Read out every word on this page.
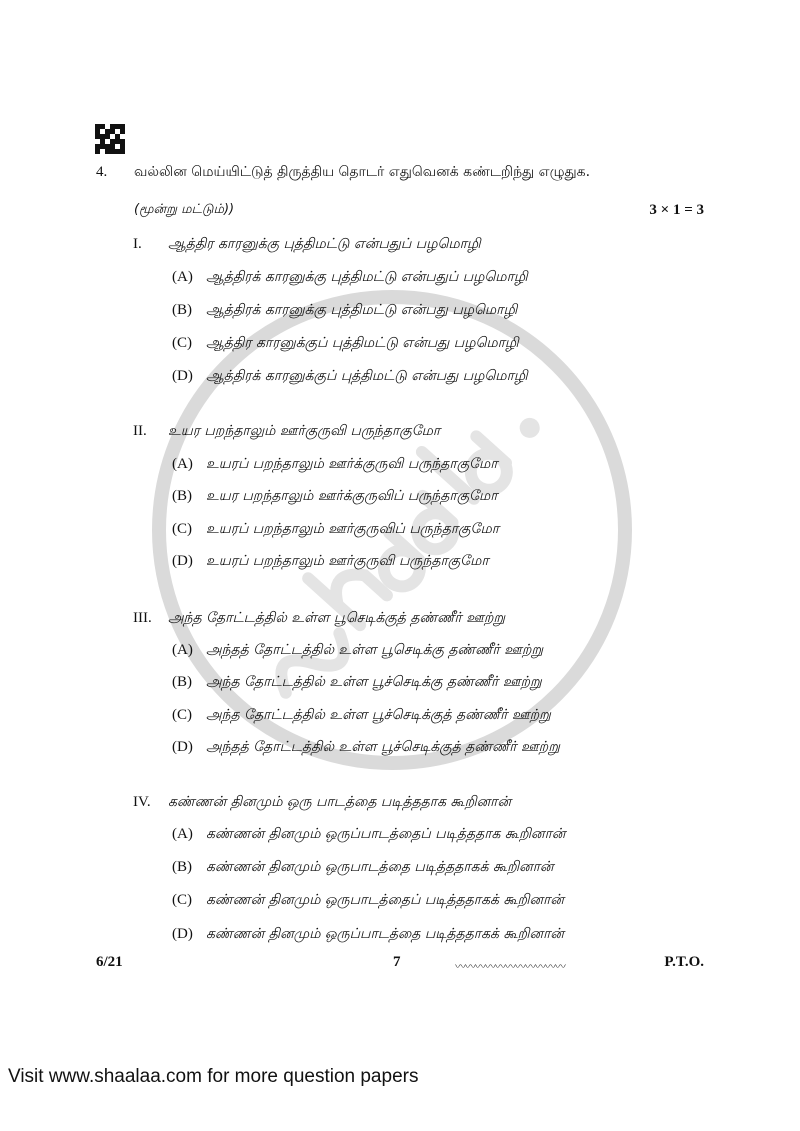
4. வல்லின மெய்யிட்டுத் திருத்திய தொடர் எதுவெனக் கண்டறிந்து எழுதுக.
(மூன்று மட்டும்))	3 × 1 = 3
6/21	7	〰〰〰〰〰〰〰〰〰〰〰	P.T.O.
I. ஆத்திர காரனுக்கு புத்திமட்டு என்பதுப் பழமொழி
(A) ஆத்திரக் காரனுக்கு புத்திமட்டு என்பதுப் பழமொழி
(B) ஆத்திரக் காரனுக்கு புத்திமட்டு என்பது பழமொழி
(C) ஆத்திர காரனுக்குப் புத்திமட்டு என்பது பழமொழி
(D) ஆத்திரக் காரனுக்குப் புத்திமட்டு என்பது பழமொழி
II. உயர பறந்தாலும் ஊர்குருவி பருந்தாகுமோ
(A) உயரப் பறந்தாலும் ஊர்க்குருவி பருந்தாகுமோ
(B) உயர பறந்தாலும் ஊர்க்குருவிப் பருந்தாகுமோ
(C) உயரப் பறந்தாலும் ஊர்குருவிப் பருந்தாகுமோ
(D) உயரப் பறந்தாலும் ஊர்குருவி பருந்தாகுமோ
III. அந்த தோட்டத்தில் உள்ள பூசெடிக்குத் தண்ணீர் ஊற்று
(A) அந்தத் தோட்டத்தில் உள்ள பூசெடிக்கு தண்ணீர் ஊற்று
(B) அந்த தோட்டத்தில் உள்ள பூச்செடிக்கு தண்ணீர் ஊற்று
(C) அந்த தோட்டத்தில் உள்ள பூச்செடிக்குத் தண்ணீர் ஊற்று
(D) அந்தத் தோட்டத்தில் உள்ள பூச்செடிக்குத் தண்ணீர் ஊற்று
IV. கண்ணன் தினமும் ஒரு பாடத்தை படித்ததாக கூறினான்
(A) கண்ணன் தினமும் ஒருப்பாடத்தைப் படித்ததாக கூறினான்
(B) கண்ணன் தினமும் ஒருபாடத்தை படித்ததாகக் கூறினான்
(C) கண்ணன் தினமும் ஒருபாடத்தைப் படித்ததாகக் கூறினான்
(D) கண்ணன் தினமும் ஒருப்பாடத்தை படித்ததாகக் கூறினான்
Visit www.shaalaa.com for more question papers
